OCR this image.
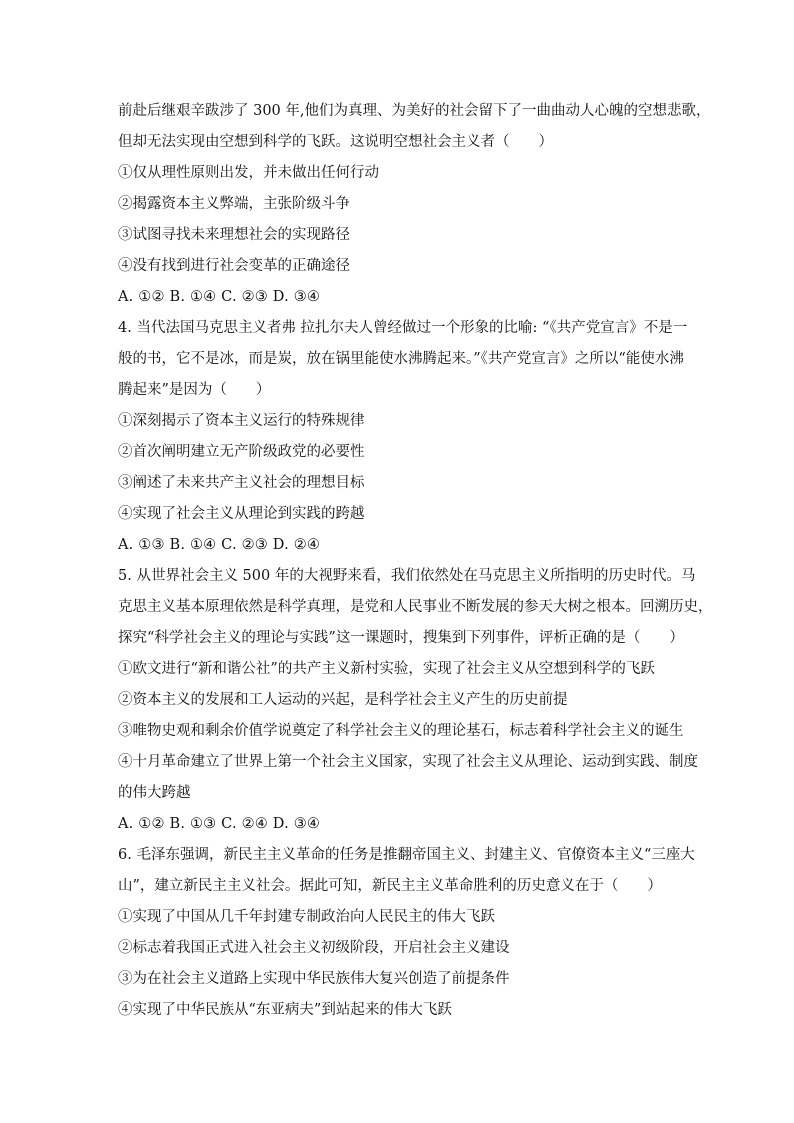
前赴后继艰辛跋涉了 300 年,他们为真理、为美好的社会留下了一曲曲动人心魄的空想悲歌，
但却无法实现由空想到科学的飞跃。这说明空想社会主义者（　　）
①仅从理性原则出发，并未做出任何行动
②揭露资本主义弊端，主张阶级斗争
③试图寻找未来理想社会的实现路径
④没有找到进行社会变革的正确途径
A. ①② B. ①④ C. ②③ D. ③④
4. 当代法国马克思主义者弗 拉扎尔夫人曾经做过一个形象的比喻: “《共产党宣言》不是一
般的书，它不是冰，而是炭，放在锅里能使水沸腾起来。”《共产党宣言》之所以“能使水沸
腾起来”是因为（　　）
①深刻揭示了资本主义运行的特殊规律
②首次阐明建立无产阶级政党的必要性
③阐述了未来共产主义社会的理想目标
④实现了社会主义从理论到实践的跨越
A. ①③ B. ①④ C. ②③ D. ②④
5. 从世界社会主义 500 年的大视野来看，我们依然处在马克思主义所指明的历史时代。马
克思主义基本原理依然是科学真理，是党和人民事业不断发展的参天大树之根本。回溯历史，
探究“科学社会主义的理论与实践”这一课题时，搜集到下列事件，评析正确的是（　　）
①欧文进行“新和谐公社”的共产主义新村实验，实现了社会主义从空想到科学的飞跃
②资本主义的发展和工人运动的兴起，是科学社会主义产生的历史前提
③唯物史观和剩余价值学说奠定了科学社会主义的理论基石，标志着科学社会主义的诞生
④十月革命建立了世界上第一个社会主义国家，实现了社会主义从理论、运动到实践、制度
的伟大跨越
A. ①② B. ①③ C. ②④ D. ③④
6. 毛泽东强调，新民主主义革命的任务是推翻帝国主义、封建主义、官僚资本主义“三座大
山”，建立新民主主义社会。据此可知，新民主主义革命胜利的历史意义在于（　　）
①实现了中国从几千年封建专制政治向人民民主的伟大飞跃
②标志着我国正式进入社会主义初级阶段，开启社会主义建设
③为在社会主义道路上实现中华民族伟大复兴创造了前提条件
④实现了中华民族从“东亚病夫”到站起来的伟大飞跃
